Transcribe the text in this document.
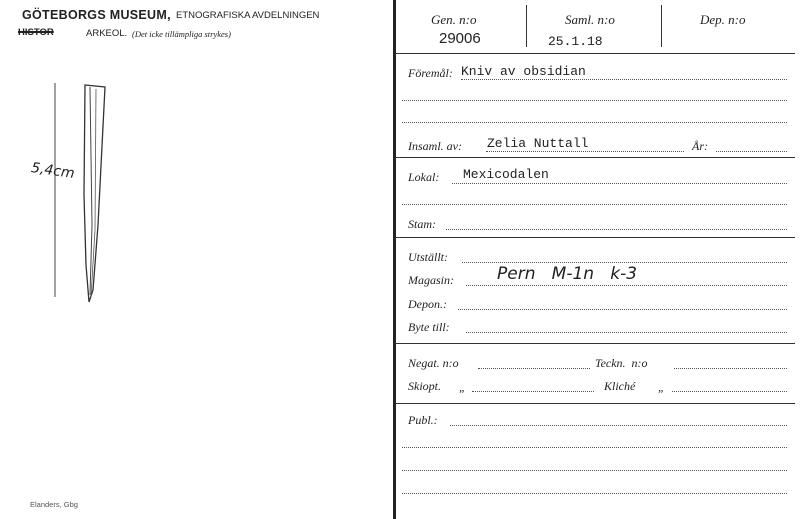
GÖTEBORGS MUSEUM, ETNOGRAFISKA AVDELNINGEN
HISTOR	ARKEOL. (Det icke tillämpliga strykes)
5,4cm
Elanders, Gbg
Gen. n:o
29006
Saml. n:o
25.1.18
Dep. n:o
Föremål: Kniv av obsidian
Insaml. av: Zelia Nuttall	År:
Lokal: Mexicodalen
Stam:
Utställt:
Magasin:	Pern   M-1n   k-3
Depon.:
Byte till:
Negat. n:o	Teckn.  n:o
Skiopt. „	Kliché „
Publ.:
